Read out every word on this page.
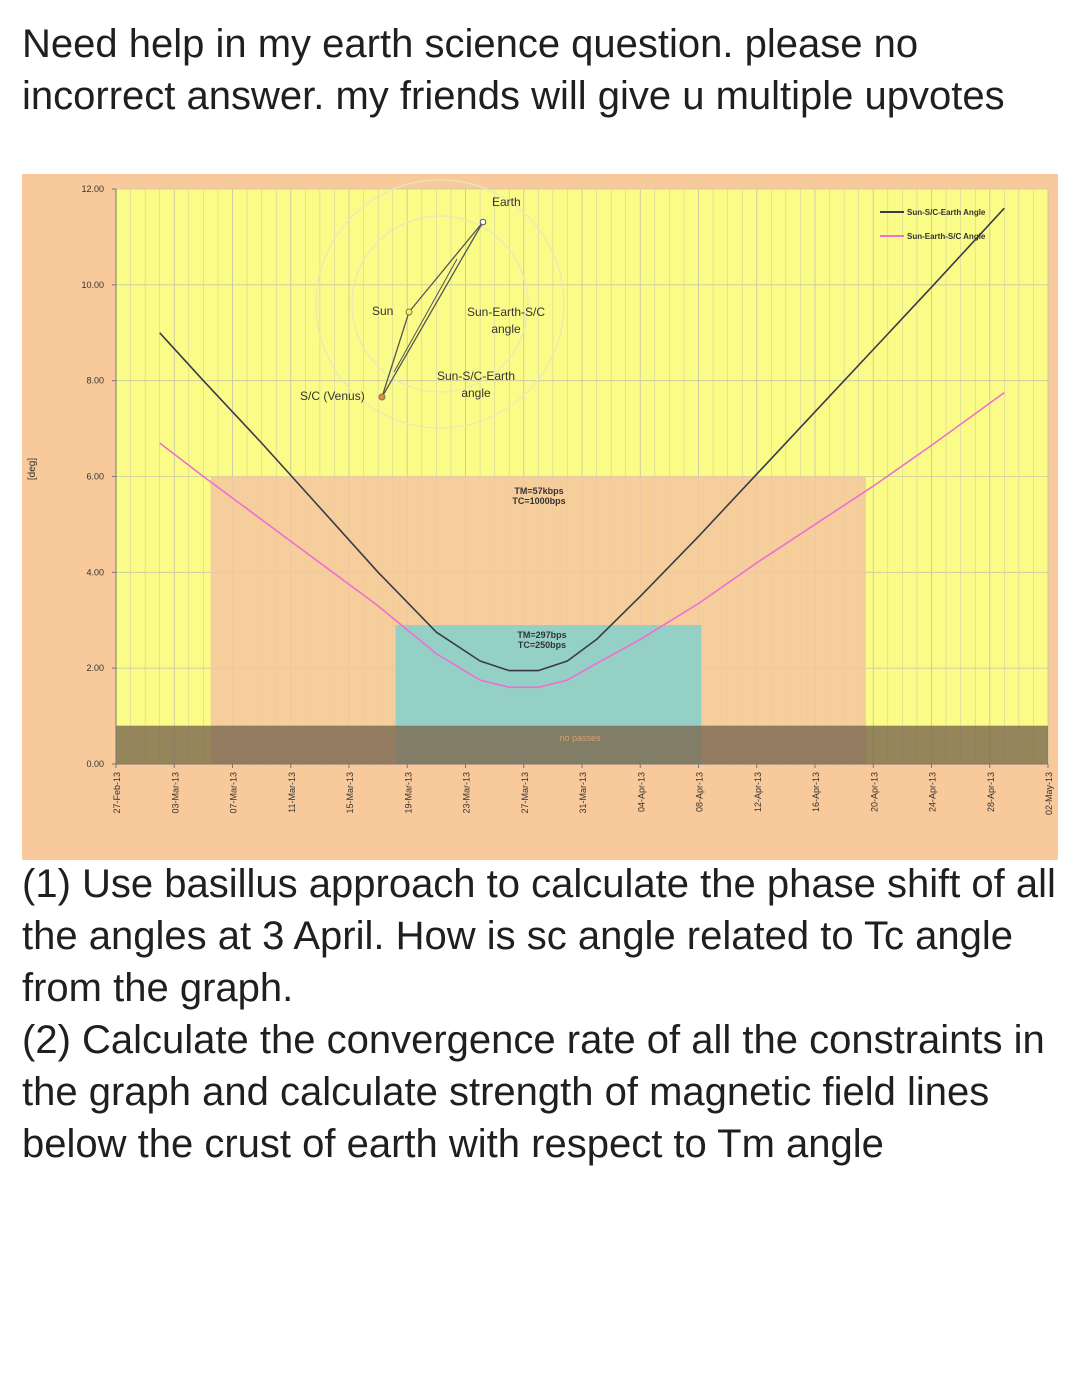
Need help in my earth science question. please no incorrect answer. my friends will give u multiple upvotes
TM=57kbps TC=1000bps
TM=297bps TC=250bps
no passes
Earth
Sun
S/C (Venus)
Sun-Earth-S/C angle
Sun-S/C-Earth angle
0.00
2.00
4.00
6.00
8.00
10.00
12.00
27-Feb-13	03-Mar-13	07-Mar-13	11-Mar-13	15-Mar-13	19-Mar-13	23-Mar-13	27-Mar-13	31-Mar-13	04-Apr-13	08-Apr-13	12-Apr-13	16-Apr-13	20-Apr-13	24-Apr-13	28-Apr-13	02-May-13
Sun-S/C-Earth Angle
Sun-Earth-S/C Angle
[deg]

(1) Use basillus approach to calculate the phase shift of all the angles at 3 April. How is sc angle related to Tc angle from the graph.

(2) Calculate the convergence rate of all the constraints in the graph and calculate strength of magnetic field lines below the crust of earth with respect to Tm angle
